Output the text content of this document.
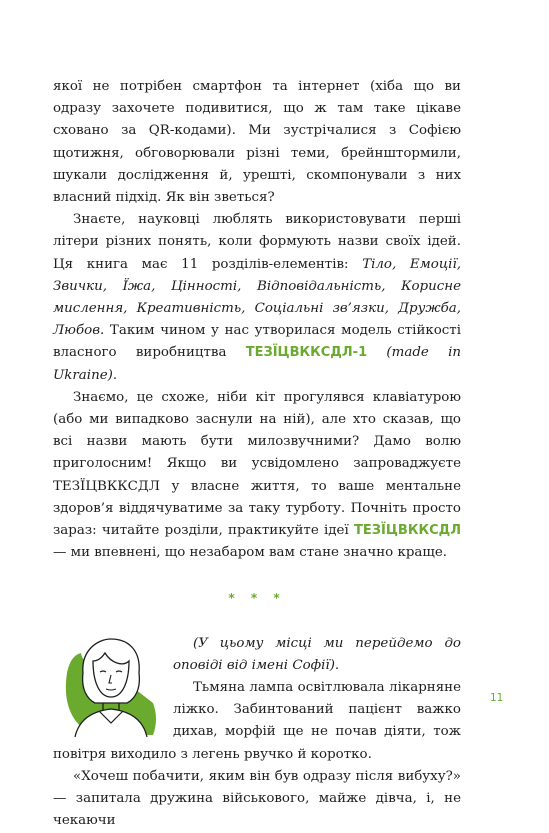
якої не потрібен смартфон та інтернет (хіба що ви одразу захочете подивитися, що ж там таке цікаве сховано за QR-кодами). Ми зустрічалися з Софією щотижня, обговорювали різні теми, брейнштормили, шукали дослідження й, урешті, скомпонували з них власний підхід. Як він зветься?

Знаєте, науковці люблять використовувати перші літери різних понять, коли формують назви своїх ідей. Ця книга має 11 розділів-елементів: Тіло, Емоції, Звички, Їжа, Цінності, Відповідальність, Корисне мислення, Креативність, Соціальні зв’язки, Дружба, Любов. Таким чином у нас утворилася модель стійкості власного виробництва ТЕЗЇЦВККСДЛ-1 (made in Ukraine).

Знаємо, це схоже, ніби кіт прогулявся клавіатурою (або ми випадково заснули на ній), але хто сказав, що всі назви мають бути милозвучними? Дамо волю приголосним! Якщо ви усвідомлено запроваджуєте ТЕЗЇЦВККСДЛ у власне життя, то ваше ментальне здоров’я віддячуватиме за таку турботу. Почніть просто зараз: читайте розділи, практикуйте ідеї ТЕЗЇЦВККСДЛ — ми впевнені, що незабаром вам стане значно краще.

* * *

(У цьому місці ми перейдемо до оповіді від імені Софії).

Тьмяна лампа освітлювала лікарняне ліжко. Забинтований пацієнт важко дихав, морфій ще не почав діяти, тож повітря виходило з легень рвучко й коротко.

«Хочеш побачити, яким він був одразу після вибуху?» — запитала дружина військового, майже дівча, і, не чекаючи

11
